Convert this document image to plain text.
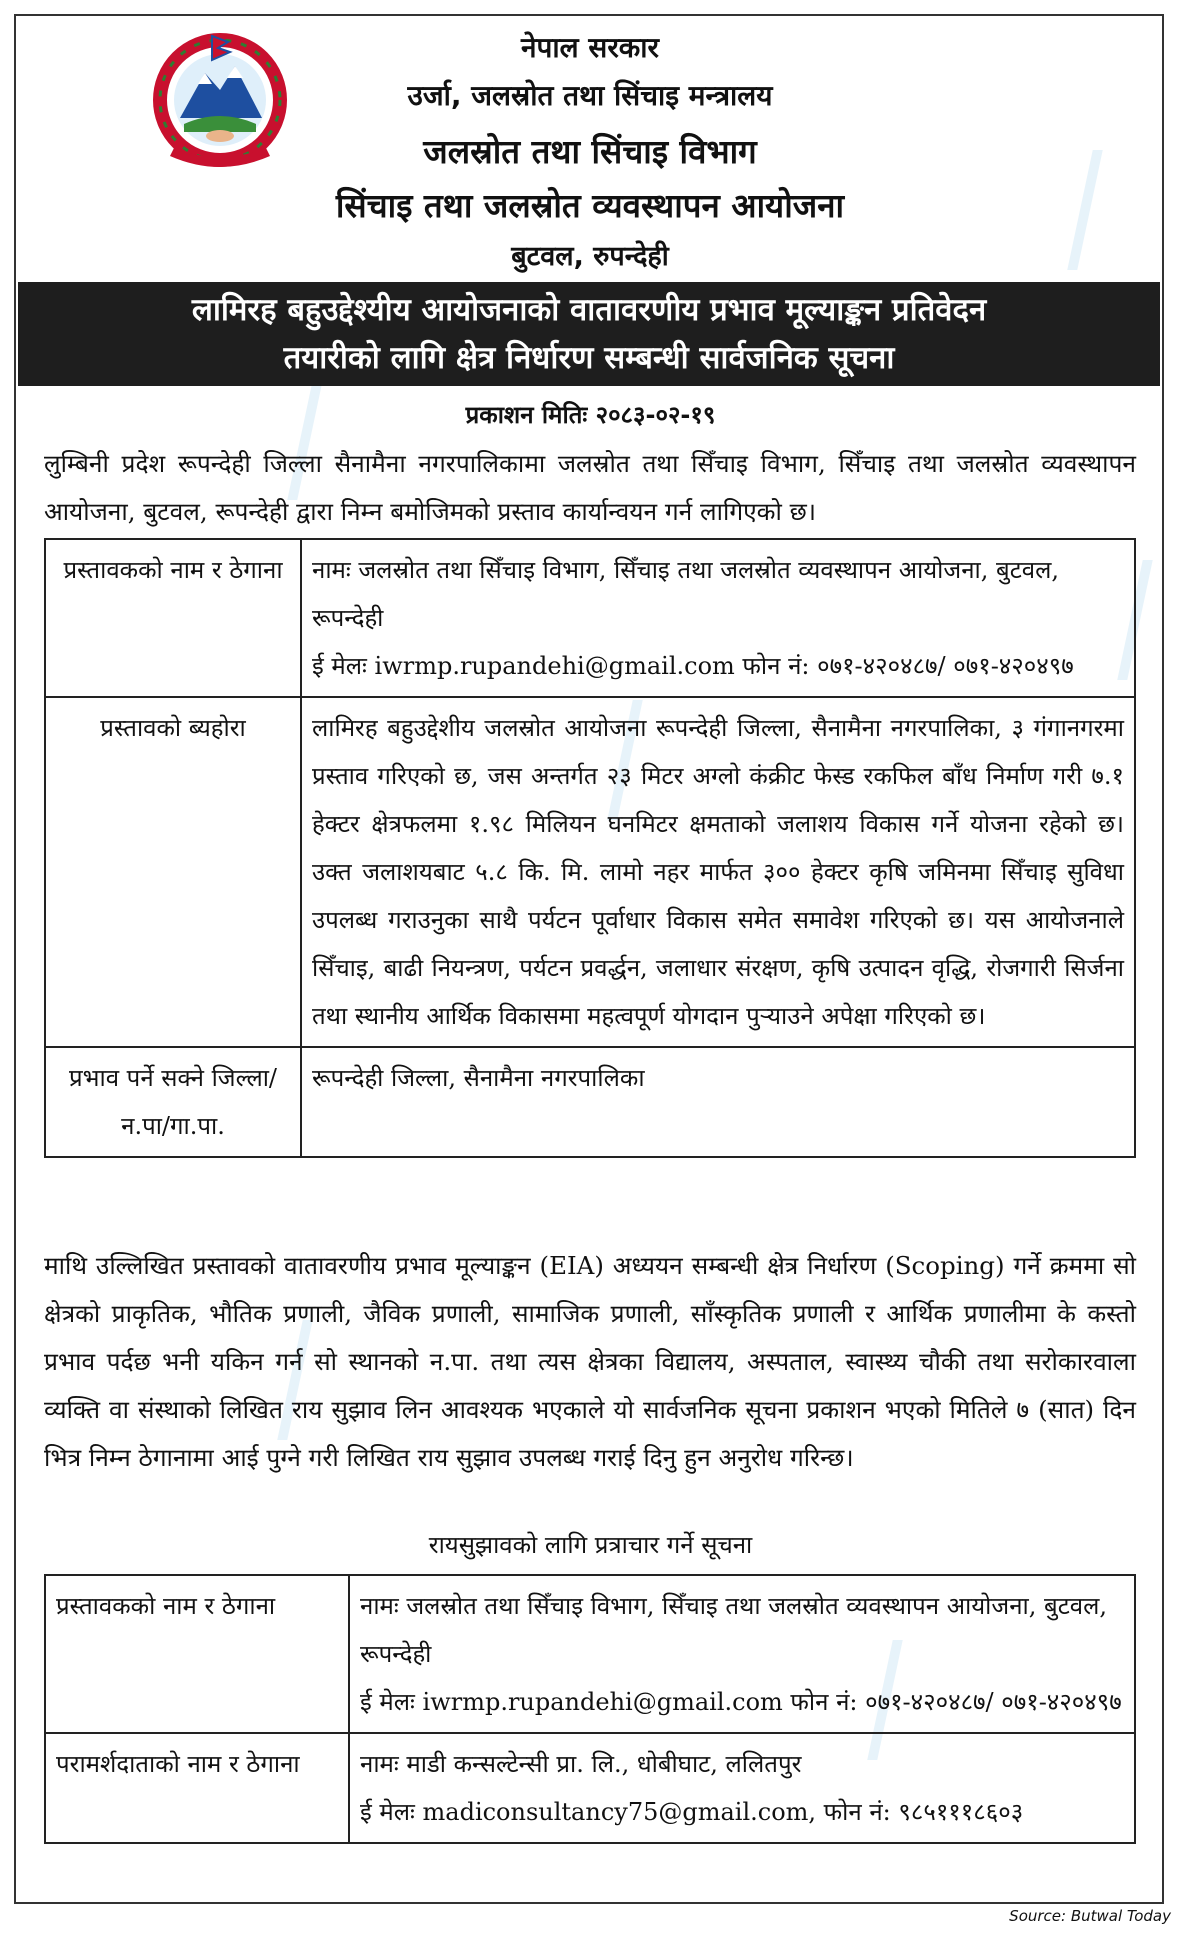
नेपाल सरकार
उर्जा, जलस्रोत तथा सिंचाइ मन्त्रालय
जलस्रोत तथा सिंचाइ विभाग
सिंचाइ तथा जलस्रोत व्यवस्थापन आयोजना
बुटवल, रुपन्देही
लामिरह बहुउद्देश्यीय आयोजनाको वातावरणीय प्रभाव मूल्याङ्कन प्रतिवेदन
तयारीको लागि क्षेत्र निर्धारण सम्बन्धी सार्वजनिक सूचना
प्रकाशन मितिः २०८३-०२-१९
लुम्बिनी प्रदेश रूपन्देही जिल्ला सैनामैना नगरपालिकामा जलस्रोत तथा सिँचाइ विभाग, सिँचाइ तथा जलस्रोत व्यवस्थापन आयोजना, बुटवल, रूपन्देही द्वारा निम्न बमोजिमको प्रस्ताव कार्यान्वयन गर्न लागिएको छ।
प्रस्तावकको नाम र ठेगाना	नामः जलस्रोत तथा सिँचाइ विभाग, सिँचाइ तथा जलस्रोत व्यवस्थापन आयोजना, बुटवल, रूपन्देही
ई मेलः iwrmp.rupandehi@gmail.com फोन नं: ०७१-४२०४८७/ ०७१-४२०४९७

प्रस्तावको ब्यहोरा	लामिरह बहुउद्देशीय जलस्रोत आयोजना रूपन्देही जिल्ला, सैनामैना नगरपालिका, ३ गंगानगरमा प्रस्ताव गरिएको छ, जस अन्तर्गत २३ मिटर अग्लो कंक्रीट फेस्ड रकफिल बाँध निर्माण गरी ७.१ हेक्टर क्षेत्रफलमा १.९८ मिलियन घनमिटर क्षमताको जलाशय विकास गर्ने योजना रहेको छ। उक्त जलाशयबाट ५.८ कि. मि. लामो नहर मार्फत ३०० हेक्टर कृषि जमिनमा सिँचाइ सुविधा उपलब्ध गराउनुका साथै पर्यटन पूर्वाधार विकास समेत समावेश गरिएको छ। यस आयोजनाले सिँचाइ, बाढी नियन्त्रण, पर्यटन प्रवर्द्धन, जलाधार संरक्षण, कृषि उत्पादन वृद्धि, रोजगारी सिर्जना तथा स्थानीय आर्थिक विकासमा महत्वपूर्ण योगदान पुऱ्याउने अपेक्षा गरिएको छ।

प्रभाव पर्ने सक्ने जिल्ला/न.पा/गा.पा.	रूपन्देही जिल्ला, सैनामैना नगरपालिका
माथि उल्लिखित प्रस्तावको वातावरणीय प्रभाव मूल्याङ्कन (EIA) अध्ययन सम्बन्धी क्षेत्र निर्धारण (Scoping) गर्ने क्रममा सो क्षेत्रको प्राकृतिक, भौतिक प्रणाली, जैविक प्रणाली, सामाजिक प्रणाली, साँस्कृतिक प्रणाली र आर्थिक प्रणालीमा के कस्तो प्रभाव पर्दछ भनी यकिन गर्न सो स्थानको न.पा. तथा त्यस क्षेत्रका विद्यालय, अस्पताल, स्वास्थ्य चौकी तथा सरोकारवाला व्यक्ति वा संस्थाको लिखित राय सुझाव लिन आवश्यक भएकाले यो सार्वजनिक सूचना प्रकाशन भएको मितिले ७ (सात) दिन भित्र निम्न ठेगानामा आई पुग्ने गरी लिखित राय सुझाव उपलब्ध गराई दिनु हुन अनुरोध गरिन्छ।
रायसुझावको लागि प्रत्राचार गर्ने सूचना
प्रस्तावकको नाम र ठेगाना	नामः जलस्रोत तथा सिँचाइ विभाग, सिँचाइ तथा जलस्रोत व्यवस्थापन आयोजना, बुटवल, रूपन्देही
ई मेलः iwrmp.rupandehi@gmail.com फोन नं: ०७१-४२०४८७/ ०७१-४२०४९७

परामर्शदाताको नाम र ठेगाना	नामः माडी कन्सल्टेन्सी प्रा. लि., धोबीघाट, ललितपुर
ई मेलः madiconsultancy75@gmail.com, फोन नं: ९८५१११८६०३
Source: Butwal Today
